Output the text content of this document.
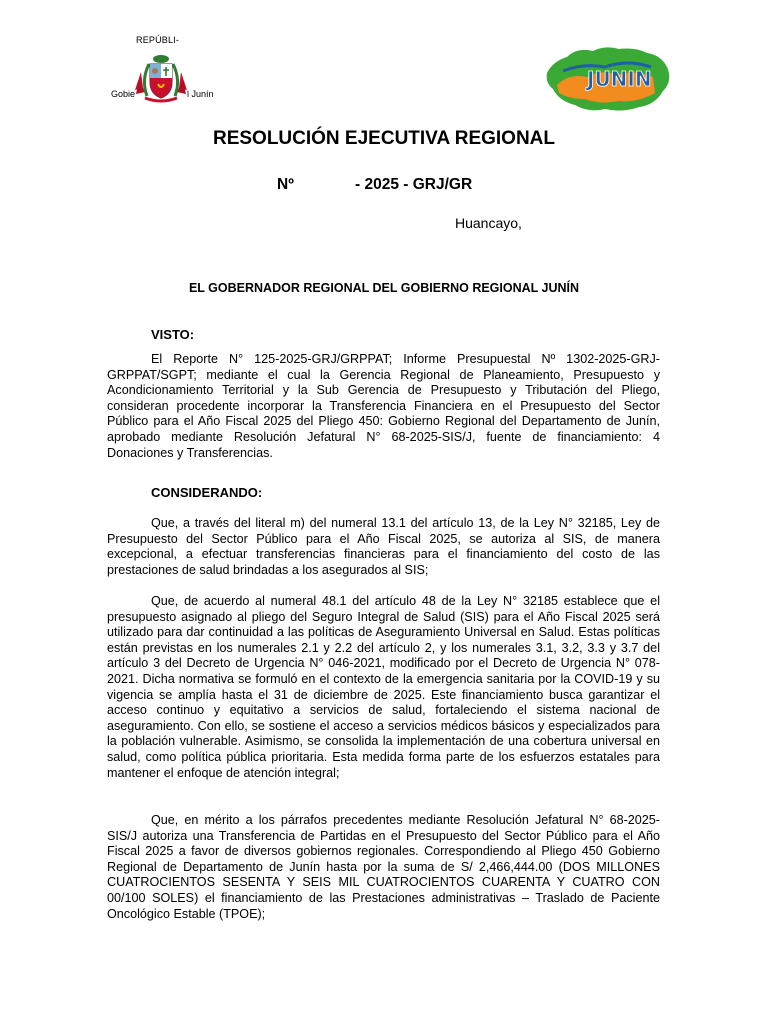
REPÚBLI-
Gobie	l Junín
JUNIN
RESOLUCIÓN EJECUTIVA REGIONAL
Nº	- 2025 - GRJ/GR
Huancayo,
EL GOBERNADOR REGIONAL DEL GOBIERNO REGIONAL JUNÍN
VISTO:

El Reporte N° 125-2025-GRJ/GRPPAT; Informe Presupuestal Nº 1302-2025-GRJ-GRPPAT/SGPT; mediante el cual la Gerencia Regional de Planeamiento, Presupuesto y Acondicionamiento Territorial y la Sub Gerencia de Presupuesto y Tributación del Pliego, consideran procedente incorporar la Transferencia Financiera en el Presupuesto del Sector Público para el Año Fiscal 2025 del Pliego 450: Gobierno Regional del Departamento de Junín, aprobado mediante Resolución Jefatural N° 68-2025-SIS/J, fuente de financiamiento: 4 Donaciones y Transferencias.

CONSIDERANDO:

Que, a través del literal m) del numeral 13.1 del artículo 13, de la Ley N° 32185, Ley de Presupuesto del Sector Público para el Año Fiscal 2025, se autoriza al SIS, de manera excepcional, a efectuar transferencias financieras para el financiamiento del costo de las prestaciones de salud brindadas a los asegurados al SIS;

Que, de acuerdo al numeral 48.1 del artículo 48 de la Ley N° 32185 establece que el presupuesto asignado al pliego del Seguro Integral de Salud (SIS) para el Año Fiscal 2025 será utilizado para dar continuidad a las políticas de Aseguramiento Universal en Salud. Estas políticas están previstas en los numerales 2.1 y 2.2 del artículo 2, y los numerales 3.1, 3.2, 3.3 y 3.7 del artículo 3 del Decreto de Urgencia N° 046-2021, modificado por el Decreto de Urgencia N° 078-2021. Dicha normativa se formuló en el contexto de la emergencia sanitaria por la COVID-19 y su vigencia se amplía hasta el 31 de diciembre de 2025. Este financiamiento busca garantizar el acceso continuo y equitativo a servicios de salud, fortaleciendo el sistema nacional de aseguramiento. Con ello, se sostiene el acceso a servicios médicos básicos y especializados para la población vulnerable. Asimismo, se consolida la implementación de una cobertura universal en salud, como política pública prioritaria. Esta medida forma parte de los esfuerzos estatales para mantener el enfoque de atención integral;

Que, en mérito a los párrafos precedentes mediante Resolución Jefatural N° 68-2025-SIS/J autoriza una Transferencia de Partidas en el Presupuesto del Sector Público para el Año Fiscal 2025 a favor de diversos gobiernos regionales. Correspondiendo al Pliego 450 Gobierno Regional de Departamento de Junín hasta por la suma de S/ 2,466,444.00 (DOS MILLONES CUATROCIENTOS SESENTA Y SEIS MIL CUATROCIENTOS CUARENTA Y CUATRO CON 00/100 SOLES) el financiamiento de las Prestaciones administrativas – Traslado de Paciente Oncológico Estable (TPOE);
